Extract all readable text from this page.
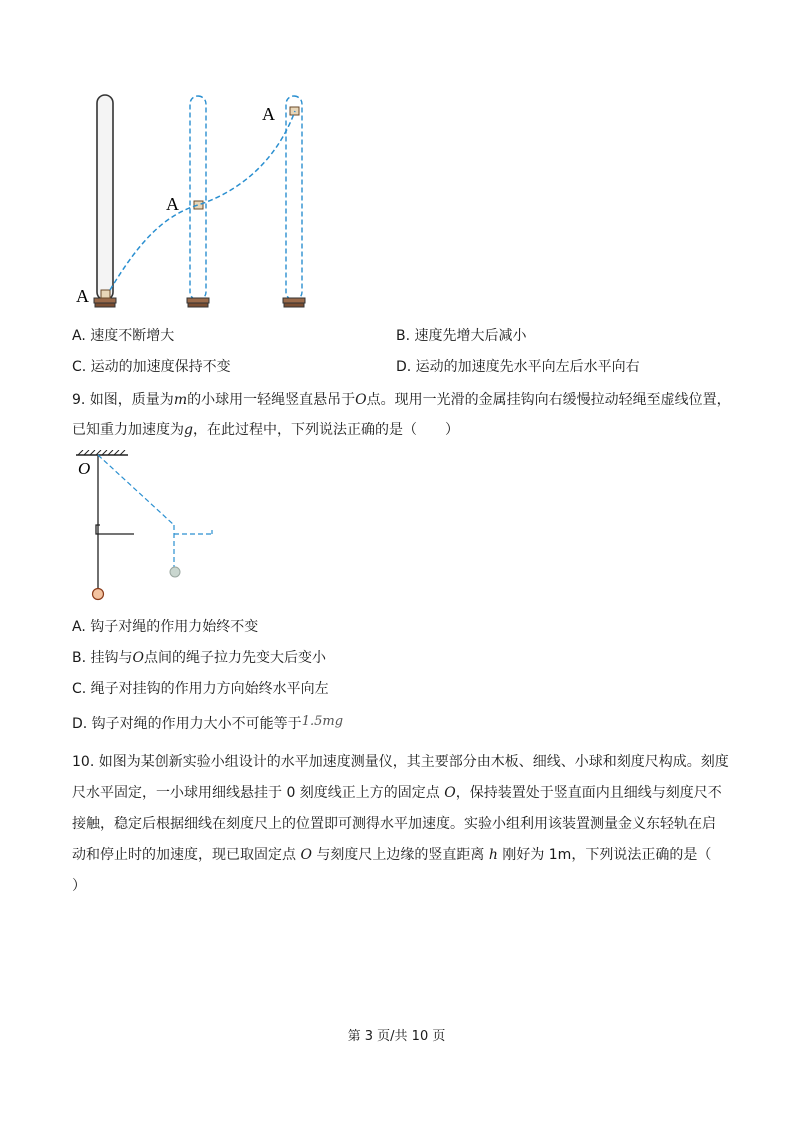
A
A
A
A. 速度不断增大	B. 速度先增大后减小
C. 运动的加速度保持不变	D. 运动的加速度先水平向左后水平向右
9. 如图，质量为m的小球用一轻绳竖直悬吊于O点。现用一光滑的金属挂钩向右缓慢拉动轻绳至虚线位置，
已知重力加速度为g，在此过程中，下列说法正确的是（　　）
O
A. 钩子对绳的作用力始终不变
B. 挂钩与O点间的绳子拉力先变大后变小
C. 绳子对挂钩的作用力方向始终水平向左
D. 钩子对绳的作用力大小不可能等于1.5mg
10. 如图为某创新实验小组设计的水平加速度测量仪，其主要部分由木板、细线、小球和刻度尺构成。刻度
尺水平固定，一小球用细线悬挂于 0 刻度线正上方的固定点 O，保持装置处于竖直面内且细线与刻度尺不
接触，稳定后根据细线在刻度尺上的位置即可测得水平加速度。实验小组利用该装置测量金义东轻轨在启
动和停止时的加速度，现已取固定点 O 与刻度尺上边缘的竖直距离 h 刚好为 1m，下列说法正确的是（
）
第 3 页/共 10 页
